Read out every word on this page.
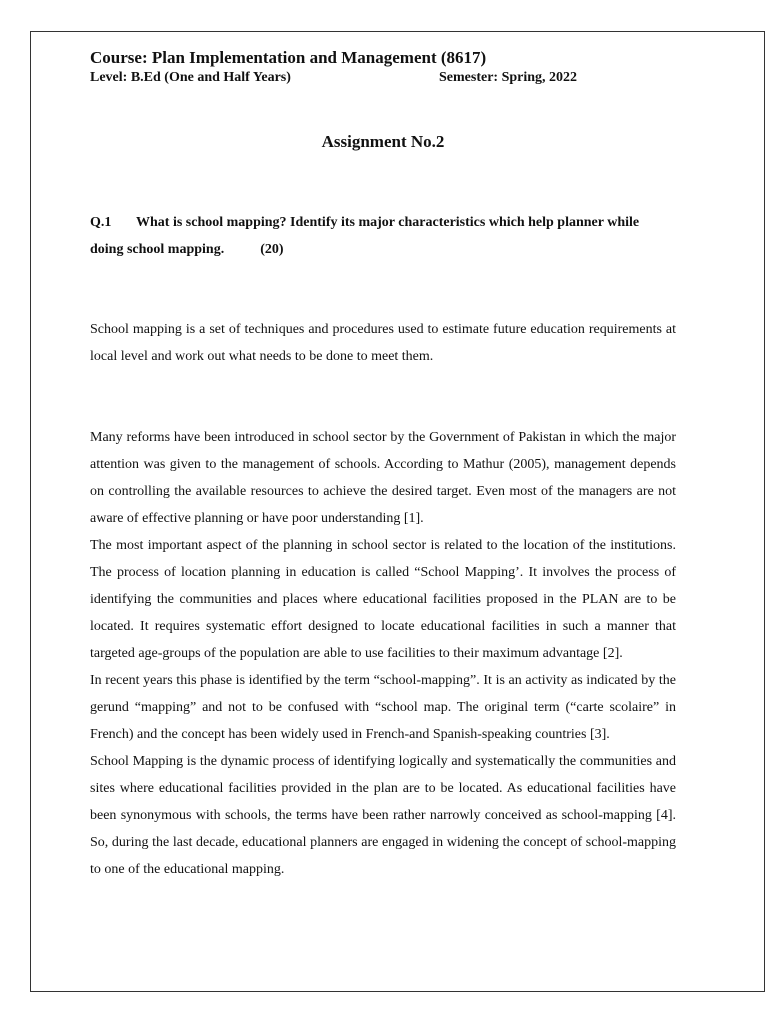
Course: Plan Implementation and Management (8617)
Level: B.Ed (One and Half Years)	Semester: Spring, 2022
Assignment No.2
Q.1 What is school mapping? Identify its major characteristics which help planner while doing school mapping.	(20)

School mapping is a set of techniques and procedures used to estimate future education requirements at local level and work out what needs to be done to meet them.

Many reforms have been introduced in school sector by the Government of Pakistan in which the major attention was given to the management of schools. According to Mathur (2005), management depends on controlling the available resources to achieve the desired target. Even most of the managers are not aware of effective planning or have poor understanding [1].

The most important aspect of the planning in school sector is related to the location of the institutions. The process of location planning in education is called “School Mapping’. It involves the process of identifying the communities and places where educational facilities proposed in the PLAN are to be located. It requires systematic effort designed to locate educational facilities in such a manner that targeted age-groups of the population are able to use facilities to their maximum advantage [2].

In recent years this phase is identified by the term “school-mapping”. It is an activity as indicated by the gerund “mapping” and not to be confused with “school map. The original term (“carte scolaire” in French) and the concept has been widely used in French-and Spanish-speaking countries [3].

School Mapping is the dynamic process of identifying logically and systematically the communities and sites where educational facilities provided in the plan are to be located. As educational facilities have been synonymous with schools, the terms have been rather narrowly conceived as school-mapping [4]. So, during the last decade, educational planners are engaged in widening the concept of school-mapping to one of the educational mapping.
